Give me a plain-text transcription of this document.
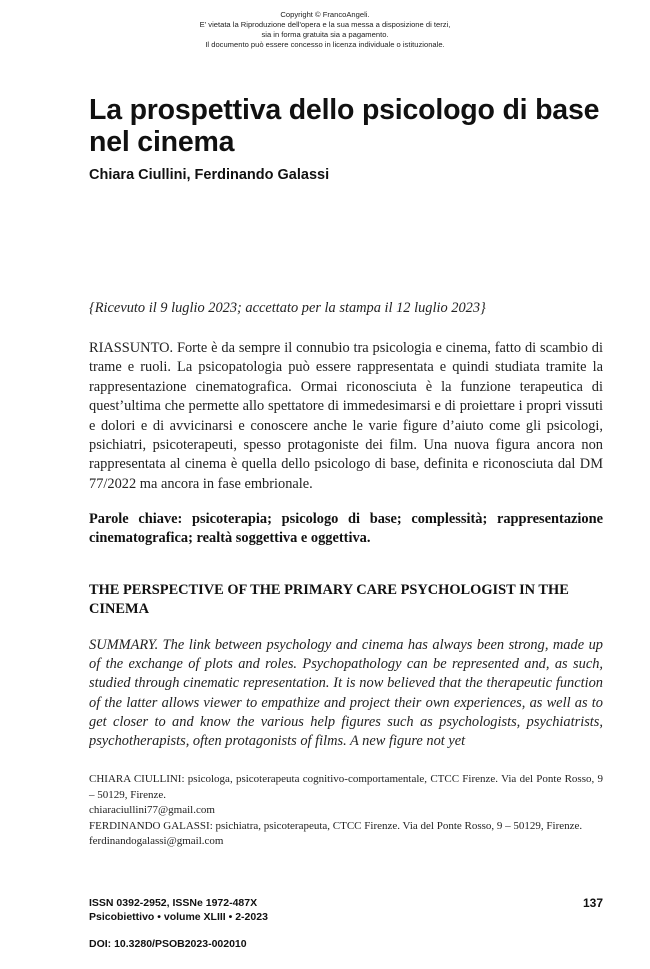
Copyright © FrancoAngeli.
E' vietata la Riproduzione dell'opera e la sua messa a disposizione di terzi,
sia in forma gratuita sia a pagamento.
Il documento può essere concesso in licenza individuale o istituzionale.
La prospettiva dello psicologo di base nel cinema
Chiara Ciullini, Ferdinando Galassi
{Ricevuto il 9 luglio 2023; accettato per la stampa il 12 luglio 2023}

RIASSUNTO. Forte è da sempre il connubio tra psicologia e cinema, fatto di scambio di trame e ruoli. La psicopatologia può essere rappresentata e quindi studiata tramite la rappresentazione cinematografica. Ormai riconosciuta è la funzione terapeutica di quest’ultima che permette allo spettatore di immedesimarsi e di proiettare i propri vissuti e dolori e di avvicinarsi e conoscere anche le varie figure d’aiuto come gli psicologi, psichiatri, psicoterapeuti, spesso protagoniste dei film. Una nuova figura ancora non rappresentata al cinema è quella dello psicologo di base, definita e riconosciuta dal DM 77/2022 ma ancora in fase embrionale.

Parole chiave: psicoterapia; psicologo di base; complessità; rappresentazione cinematografica; realtà soggettiva e oggettiva.

THE PERSPECTIVE OF THE PRIMARY CARE PSYCHOLOGIST IN THE CINEMA

SUMMARY. The link between psychology and cinema has always been strong, made up of the exchange of plots and roles. Psychopathology can be represented and, as such, studied through cinematic representation. It is now believed that the therapeutic function of the latter allows viewer to empathize and project their own experiences, as well as to get closer to and know the various help figures such as psychologists, psychiatrists, psychotherapists, often protagonists of films. A new figure not yet

CHIARA CIULLINI: psicologa, psicoterapeuta cognitivo-comportamentale, CTCC Firenze. Via del Ponte Rosso, 9 – 50129, Firenze.
chiaraciullini77@gmail.com
FERDINANDO GALASSI: psichiatra, psicoterapeuta, CTCC Firenze. Via del Ponte Rosso, 9 – 50129, Firenze.
ferdinandogalassi@gmail.com
ISSN 0392-2952, ISSNe 1972-487X
Psicobiettivo • volume XLIII • 2-2023
137
DOI: 10.3280/PSOB2023-002010
